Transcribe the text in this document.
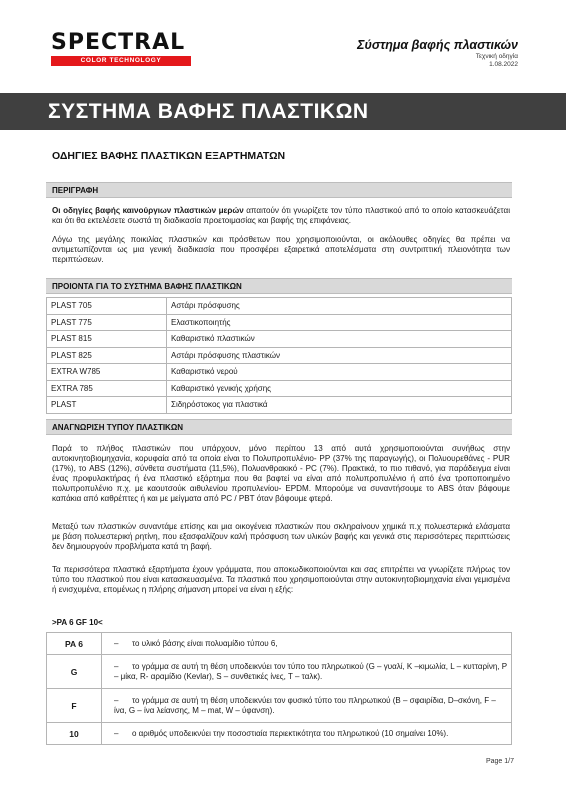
SPECTRAL
COLOR TECHNOLOGY
Σύστημα βαφής πλαστικών
Τεχνική οδηγία
1.08.2022
ΣΥΣΤΗΜΑ ΒΑΦΗΣ ΠΛΑΣΤΙΚΩΝ
ΟΔΗΓΙΕΣ ΒΑΦΗΣ ΠΛΑΣΤΙΚΩΝ ΕΞΑΡΤΗΜΑΤΩΝ
ΠΕΡΙΓΡΑΦΗ
Οι οδηγίες βαφής καινούργιων πλαστικών μερών απαιτούν ότι γνωρίζετε τον τύπο πλαστικού από το οποίο κατασκευάζεται και ότι θα εκτελέσετε σωστά τη διαδικασία προετοιμασίας και βαφής της επιφάνειας.
Λόγω της μεγάλης ποικιλίας πλαστικών και πρόσθετων που χρησιμοποιούνται, οι ακόλουθες οδηγίες θα πρέπει να αντιμετωπίζονται ως μια γενική διαδικασία που προσφέρει εξαιρετικά αποτελέσματα στη συντριπτική πλειονότητα των περιπτώσεων.
ΠΡΟΙΟΝΤΑ ΓΙΑ ΤΟ ΣΥΣΤΗΜΑ ΒΑΦΗΣ ΠΛΑΣΤΙΚΩΝ
PLAST 705	Αστάρι πρόσφυσης
PLAST 775	Ελαστικοποιητής
PLAST 815	Καθαριστικό πλαστικών
PLAST 825	Αστάρι πρόσφυσης πλαστικών
EXTRA W785	Καθαριστικό νερού
EXTRA 785	Καθαριστικό γενικής χρήσης
PLAST	Σιδηρόστοκος για πλαστικά
ΑΝΑΓΝΩΡΙΣΗ ΤΥΠΟΥ ΠΛΑΣΤΙΚΩΝ
Παρά το πλήθος πλαστικών που υπάρχουν, μόνο περίπου 13 από αυτά χρησιμοποιούνται συνήθως στην αυτοκινητοβιομηχανία, κορυφαία από τα οποία είναι το Πολυπροπυλένιο- PP (37% της παραγωγής), οι Πολυουρεθάνες - PUR (17%), το ABS (12%), σύνθετα συστήματα (11,5%), Πολυανθρακικό - PC (7%). Πρακτικά, το πιο πιθανό, για παράδειγμα είναι ένας προφυλακτήρας ή ένα πλαστικό εξάρτημα που θα βαφτεί να είναι από πολυπροπυλένιο ή από ένα τροποποιημένο πολυπροπυλένιο π.χ. με καουτσούκ αιθυλενίου προπυλενίου- EPDM. Μπορούμε να συναντήσουμε το ABS όταν βάφουμε καπάκια από καθρέπτες ή και με μείγματα από PC / PBT όταν βάφουμε φτερά.
Μεταξύ των πλαστικών συναντάμε επίσης και μια οικογένεια πλαστικών που σκληραίνουν χημικά π.χ πολυεστερικά ελάσματα με βάση πολυεστερική ρητίνη, που εξασφαλίζουν καλή πρόσφυση των υλικών βαφής και γενικά στις περισσότερες περιπτώσεις δεν δημιουργούν προβλήματα κατά τη βαφή.
Τα περισσότερα πλαστικά εξαρτήματα έχουν γράμματα, που αποκωδικοποιούνται και σας επιτρέπει να γνωρίζετε πλήρως τον τύπο του πλαστικού που είναι κατασκευασμένα. Τα πλαστικά που χρησιμοποιούνται στην αυτοκινητοβιομηχανία είναι γεμισμένα ή ενισχυμένα, επομένως η πλήρης σήμανση μπορεί να είναι η εξής:
>PA 6 GF 10<
PA 6	– το υλικό βάσης είναι πολυαμίδιο τύπου 6,
G	– το γράμμα σε αυτή τη θέση υποδεικνύει τον τύπο του πληρωτικού (G – γυαλί, K –κιμωλία, L – κυτταρίνη, P – μίκα, R- αραμίδιο (Kevlar), S – συνθετικές ίνες, T – ταλκ).
F	– το γράμμα σε αυτή τη θέση υποδεικνύει τον φυσικό τύπο του πληρωτικού (B – σφαιρίδια, D–σκόνη, F – ίνα, G – ίνα λείανσης, M – mat, W – ύφανση).
10	– ο αριθμός υποδεικνύει την ποσοστιαία περιεκτικότητα του πληρωτικού (10 σημαίνει 10%).
Page 1/7
